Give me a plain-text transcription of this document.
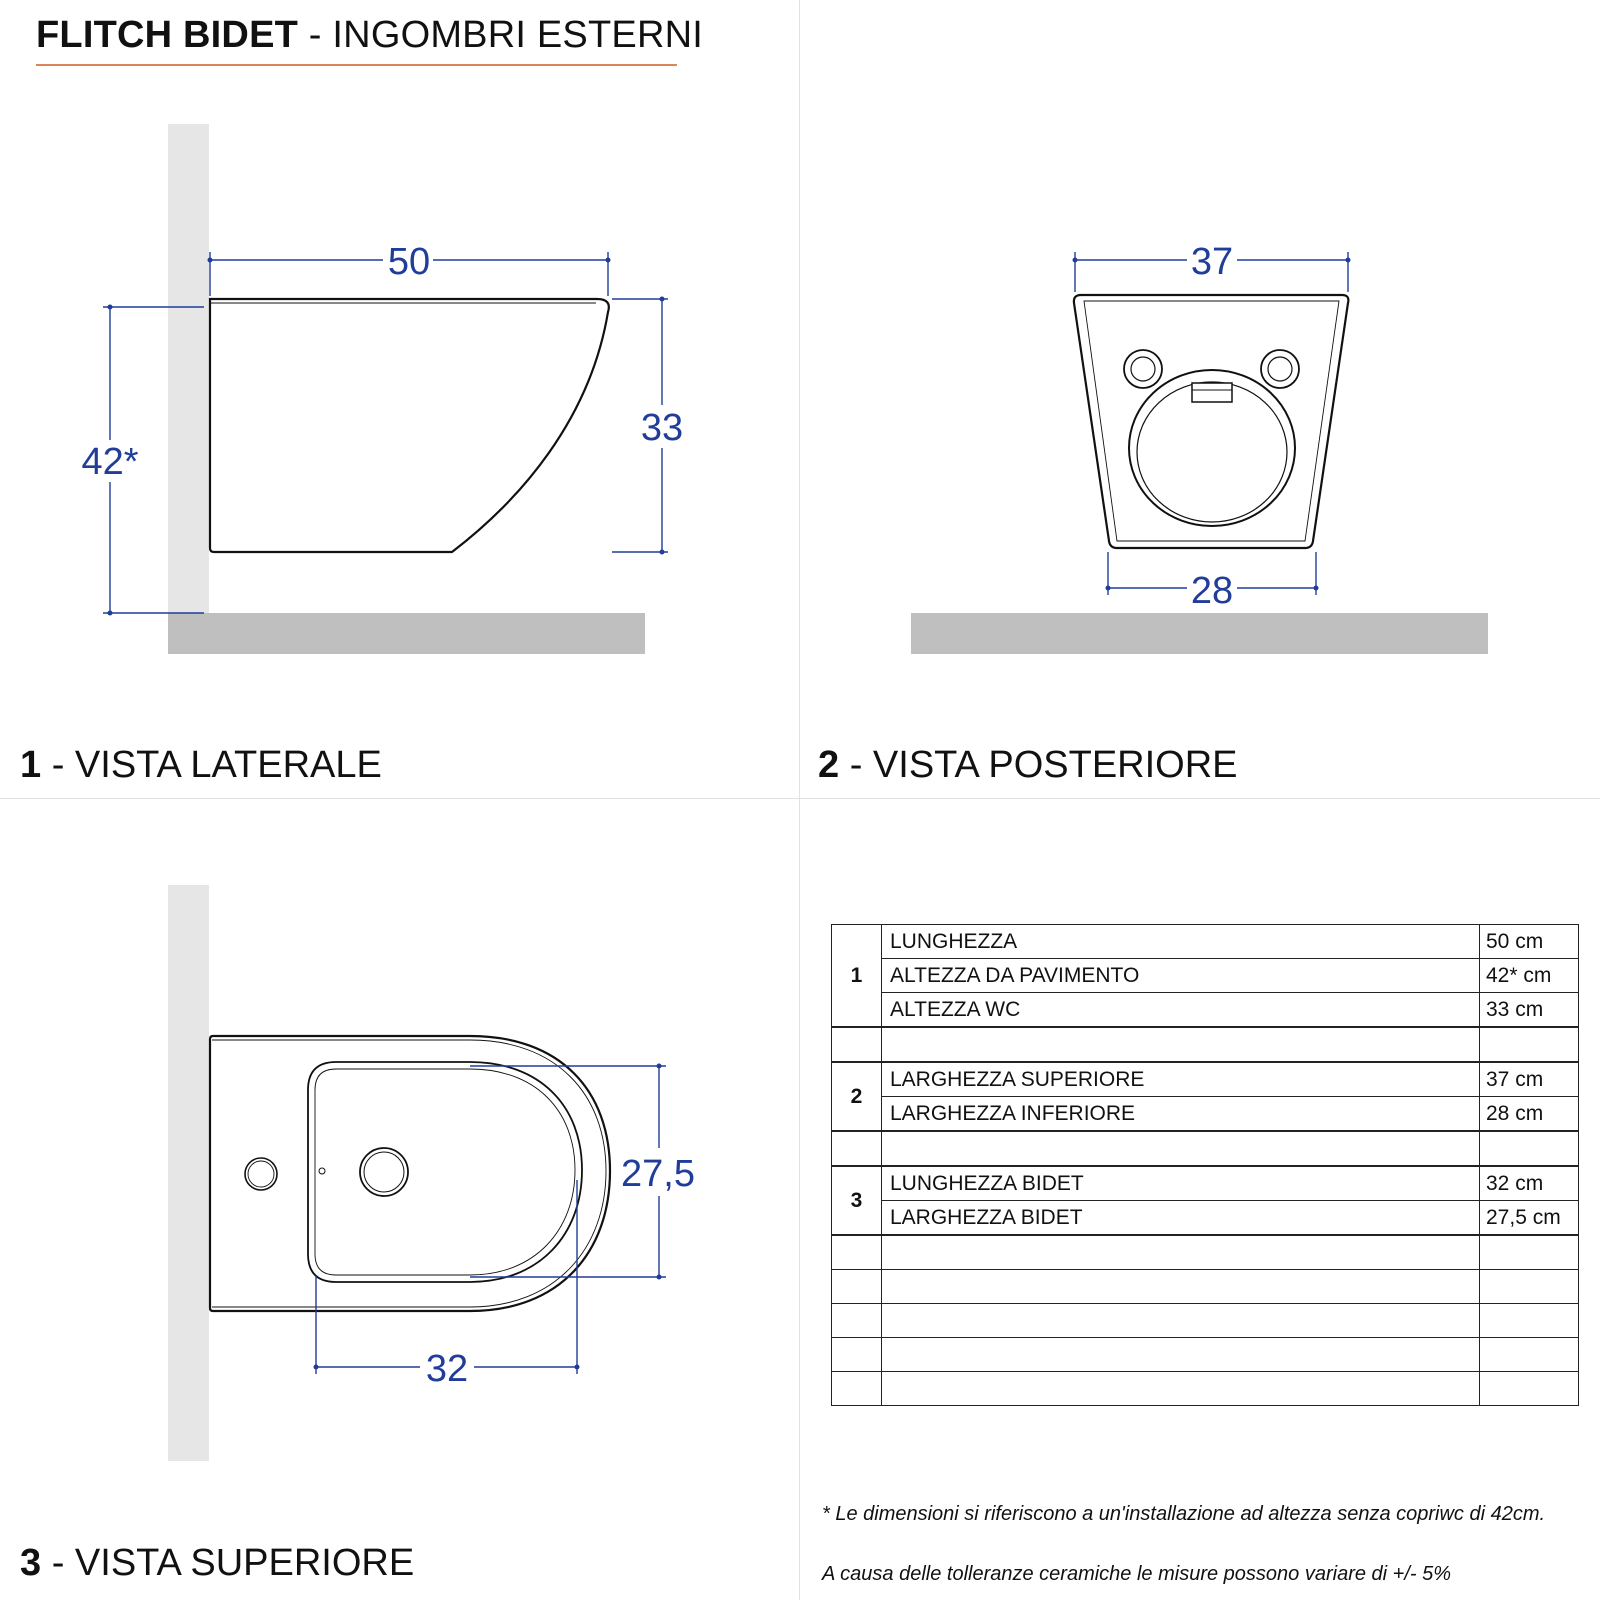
FLITCH BIDET - INGOMBRI ESTERNI
50
42*
33
37
28
27,5
32
1 - VISTA LATERALE	2 - VISTA POSTERIORE
3 - VISTA SUPERIORE
1	LUNGHEZZA	50 cm
	ALTEZZA DA PAVIMENTO	42* cm
	ALTEZZA WC	33 cm

2	LARGHEZZA SUPERIORE	37 cm
	LARGHEZZA INFERIORE	28 cm

3	LUNGHEZZA BIDET	32 cm
	LARGHEZZA BIDET	27,5 cm

* Le dimensioni si riferiscono a un'installazione ad altezza senza copriwc di 42cm.
A causa delle tolleranze ceramiche le misure possono variare di +/- 5%
